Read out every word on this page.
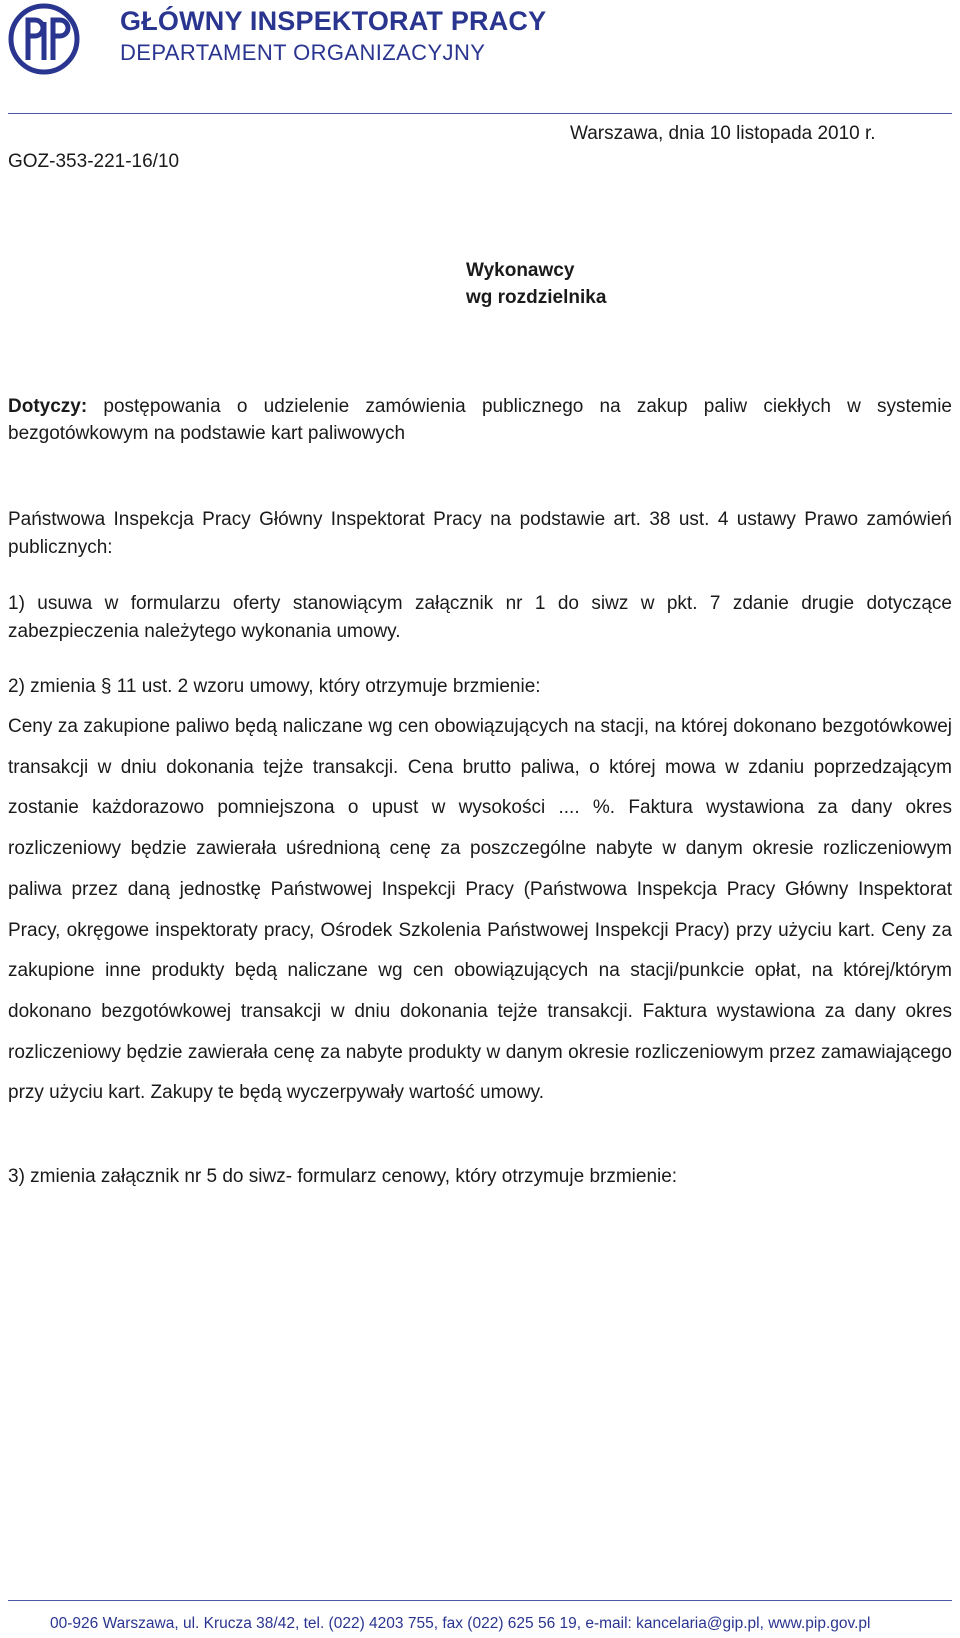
GŁÓWNY INSPEKTORAT PRACY
DEPARTAMENT ORGANIZACYJNY
Warszawa, dnia 10 listopada 2010 r.
GOZ-353-221-16/10
Wykonawcy
wg rozdzielnika
Dotyczy: postępowania o udzielenie zamówienia publicznego na zakup paliw ciekłych w systemie bezgotówkowym na podstawie kart paliwowych
Państwowa Inspekcja Pracy Główny Inspektorat Pracy na podstawie art. 38 ust. 4 ustawy Prawo zamówień publicznych:
1) usuwa w formularzu oferty stanowiącym załącznik nr 1 do siwz w pkt. 7 zdanie drugie dotyczące zabezpieczenia należytego wykonania umowy.
2) zmienia § 11 ust. 2 wzoru umowy, który otrzymuje brzmienie:
Ceny za zakupione paliwo będą naliczane wg cen obowiązujących na stacji, na której dokonano bezgotówkowej transakcji w dniu dokonania tejże transakcji. Cena brutto paliwa, o której mowa w zdaniu poprzedzającym zostanie każdorazowo pomniejszona o upust w wysokości .... %. Faktura wystawiona za dany okres rozliczeniowy będzie zawierała uśrednioną cenę za poszczególne nabyte w danym okresie rozliczeniowym paliwa przez daną jednostkę Państwowej Inspekcji Pracy (Państwowa Inspekcja Pracy Główny Inspektorat Pracy, okręgowe inspektoraty pracy, Ośrodek Szkolenia Państwowej Inspekcji Pracy) przy użyciu kart. Ceny za zakupione inne produkty będą naliczane wg cen obowiązujących na stacji/punkcie opłat, na której/którym dokonano bezgotówkowej transakcji w dniu dokonania tejże transakcji. Faktura wystawiona za dany okres rozliczeniowy będzie zawierała cenę za nabyte produkty w danym okresie rozliczeniowym przez zamawiającego przy użyciu kart. Zakupy te będą wyczerpywały wartość umowy.
3) zmienia załącznik nr 5 do siwz- formularz cenowy, który otrzymuje brzmienie:
00-926 Warszawa, ul. Krucza 38/42, tel. (022) 4203 755, fax (022) 625 56 19, e-mail: kancelaria@gip.pl, www.pip.gov.pl
